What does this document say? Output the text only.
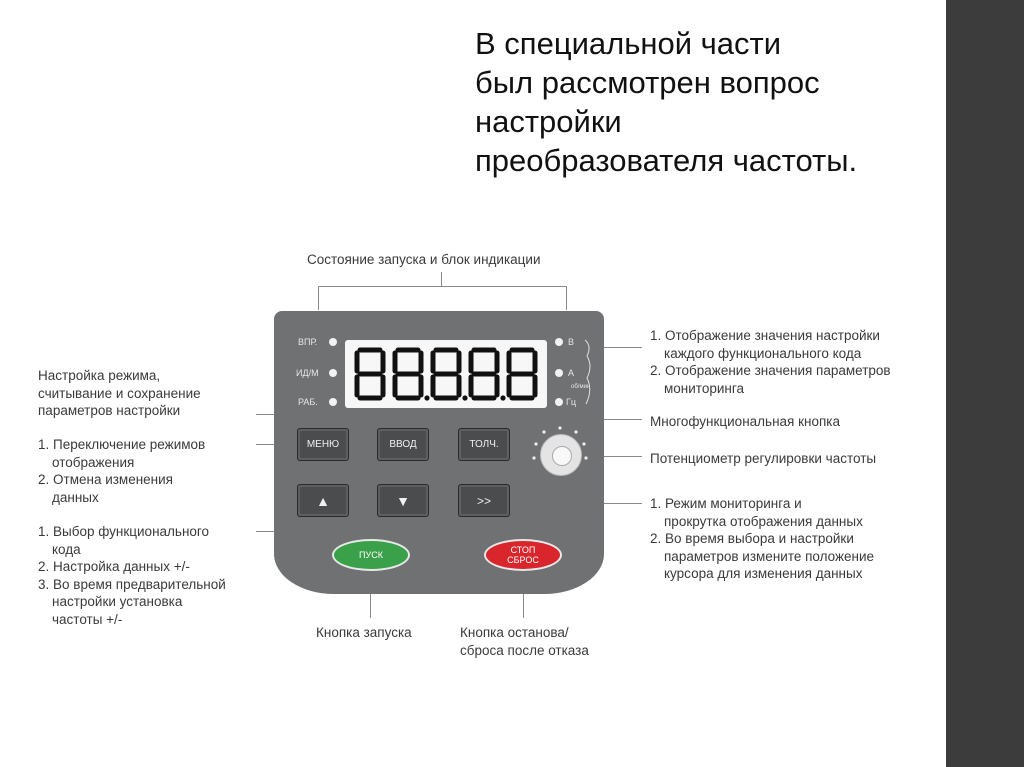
В специальной части
был рассмотрен вопрос
настройки
преобразователя частоты.
Состояние запуска и блок индикации
Настройка режима,
считывание и сохранение
параметров настройки
1. Переключение режимов
отображения
2. Отмена изменения
данных
1. Выбор функционального
кода
2. Настройка данных +/-
3. Во время предварительной
настройки установка
частоты +/-
1. Отображение значения настройки
каждого функционального кода
2. Отображение значения параметров
мониторинга
Многофункциональная кнопка
Потенциометр регулировки частоты
1. Режим мониторинга и
прокрутка отображения данных
2. Во время выбора и настройки
параметров измените положение
курсора для изменения данных
Кнопка запуска	Кнопка останова/
сброса после отказа
ВПР.
ИД/М
РАБ.
В
А
об/мин
Гц
МЕНЮ	ВВОД	ТОЛЧ.
▲	▼	>>
ПУСК	СТОП
СБРОС
